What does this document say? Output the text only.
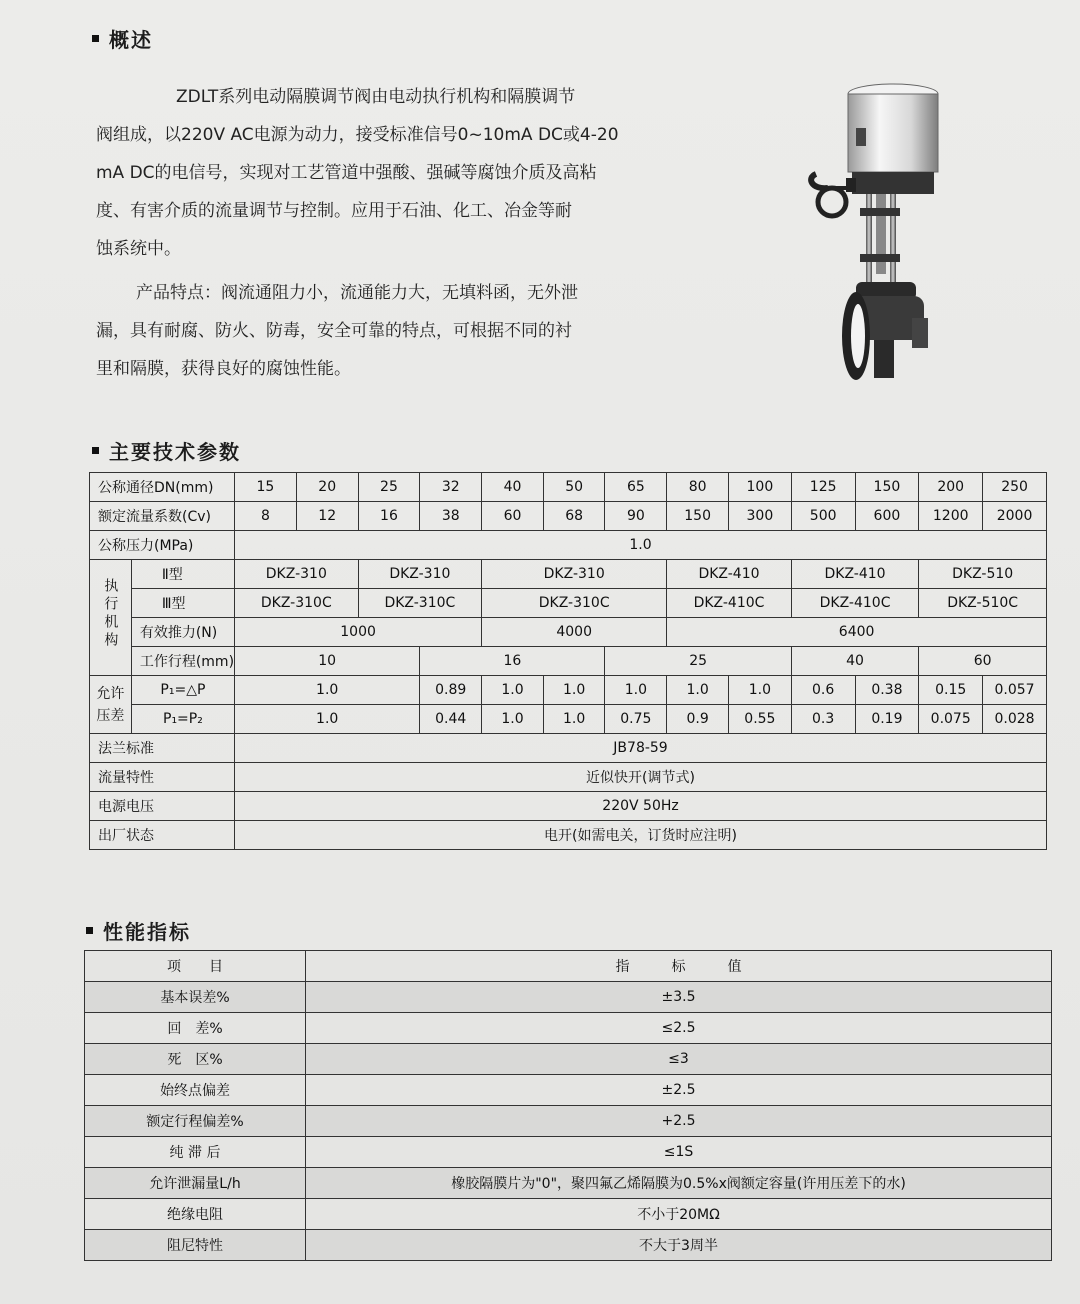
概述

ZDLT系列电动隔膜调节阀由电动执行机构和隔膜调节

阀组成，以220V AC电源为动力，接受标准信号0~10mA DC或4-20

mA DC的电信号，实现对工艺管道中强酸、强碱等腐蚀介质及高粘

度、有害介质的流量调节与控制。应用于石油、化工、冶金等耐

蚀系统中。

产品特点：阀流通阻力小，流通能力大，无填料函，无外泄

漏，具有耐腐、防火、防毒，安全可靠的特点，可根据不同的衬

里和隔膜，获得良好的腐蚀性能。

主要技术参数
公称通径DN(mm)		15	20	25	32	40	50	65	80	100	125	150	200	250
额定流量系数(Cv)		8	12	16	38	60	68	90	150	300	500	600	1200	2000
公称压力(MPa)		1.0												
执行机构	Ⅱ型	DKZ-310		DKZ-310		DKZ-310			DKZ-410		DKZ-410		DKZ-510	
	Ⅲ型	DKZ-310C		DKZ-310C		DKZ-310C			DKZ-410C		DKZ-410C		DKZ-510C	
	有效推力(N)	1000				4000			6400					
	工作行程(mm)	10			16			25			40		60	
允许压差	P₁=△P	1.0			0.89	1.0	1.0	1.0	1.0	1.0	0.6	0.38	0.15	0.057
	P₁=P₂	1.0			0.44	1.0	1.0	0.75	0.9	0.55	0.3	0.19	0.075	0.028
法兰标准		JB78-59												
流量特性		近似快开(调节式)												
电源电压		220V 50Hz												
出厂状态		电开(如需电关，订货时应注明)												
性能指标
项　　目	指　　　标　　　值
基本误差%	±3.5
回　差%	≤2.5
死　区%	≤3
始终点偏差	±2.5
额定行程偏差%	+2.5
纯 滞 后	≤1S
允许泄漏量L/h	橡胶隔膜片为"0"，聚四氟乙烯隔膜为0.5%x阀额定容量(许用压差下的水)
绝缘电阻	不小于20MΩ
阻尼特性	不大于3周半
